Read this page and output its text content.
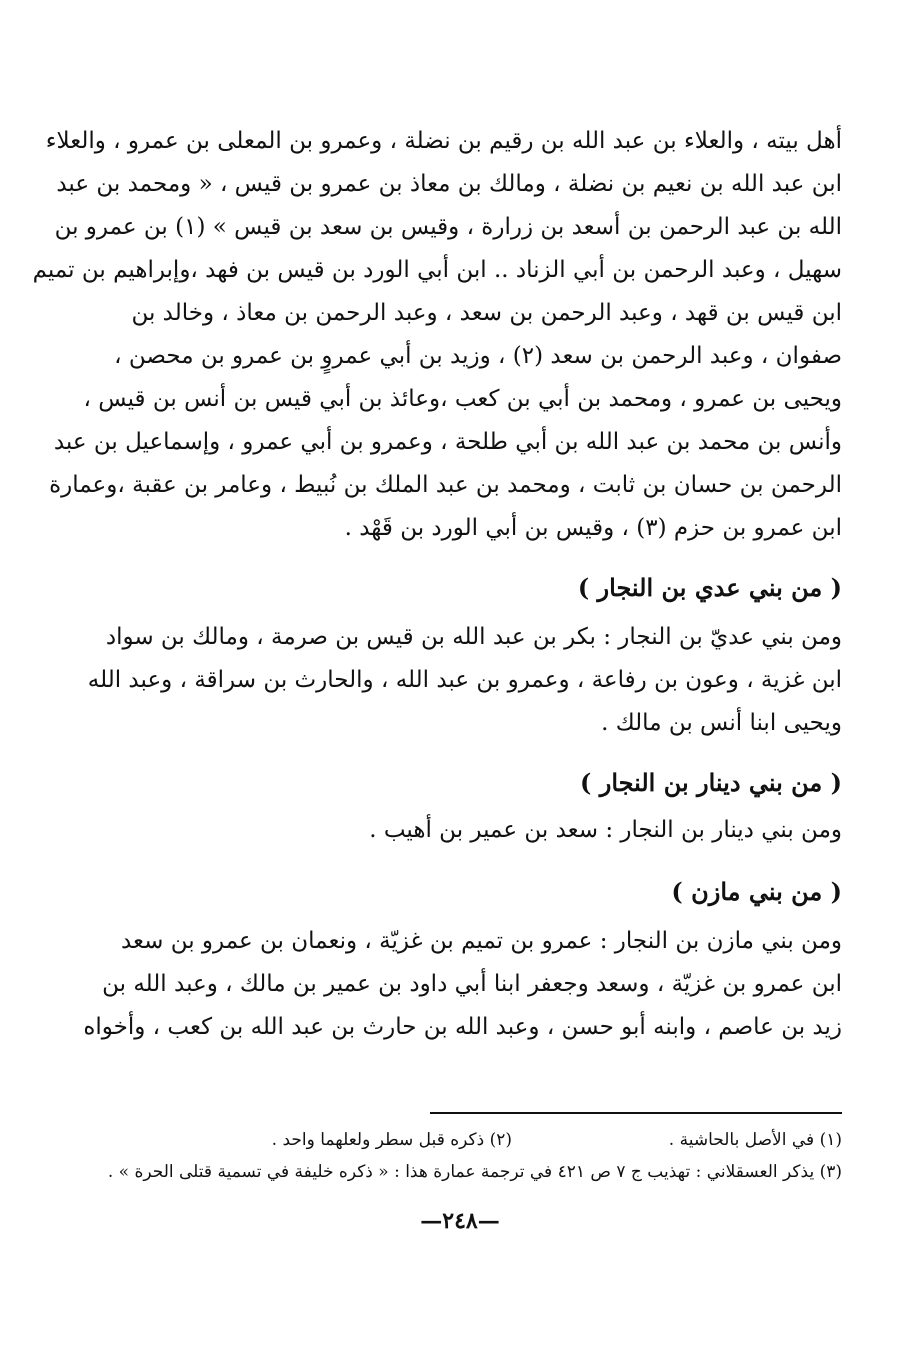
أهل بيته ، والعلاء بن عبد الله بن رقيم بن نضلة ، وعمرو بن المعلى بن عمرو ، والعلاء
ابن عبد الله بن نعيم بن نضلة ، ومالك بن معاذ بن عمرو بن قيس ، « ومحمد بن عبد
الله بن عبد الرحمن بن أسعد بن زرارة ، وقيس بن سعد بن قيس » (١) بن عمرو بن
سهيل ، وعبد الرحمن بن أبي الزناد .. ابن أبي الورد بن قيس بن فهد ،وإبراهيم بن تميم
ابن قيس بن قهد ، وعبد الرحمن بن سعد ، وعبد الرحمن بن معاذ ، وخالد بن
صفوان ، وعبد الرحمن بن سعد (٢) ، وزيد بن أبي عمروٍ بن عمرو بن محصن ،
ويحيى بن عمرو ، ومحمد بن أبي بن كعب ،وعائذ بن أبي قيس بن أنس بن قيس ،
وأنس بن محمد بن عبد الله بن أبي طلحة ، وعمرو بن أبي عمرو ، وإسماعيل بن عبد
الرحمن بن حسان بن ثابت ، ومحمد بن عبد الملك بن نُبيط ، وعامر بن عقبة ،وعمارة
ابن عمرو بن حزم (٣) ، وقيس بن أبي الورد بن قَهْد .
( من بني عدي بن النجار )
ومن بني عديّ بن النجار : بكر بن عبد الله بن قيس بن صرمة ، ومالك بن سواد
ابن غزية ، وعون بن رفاعة ، وعمرو بن عبد الله ، والحارث بن سراقة ، وعبد الله
ويحيى ابنا أنس بن مالك .
( من بني دينار بن النجار )
ومن بني دينار بن النجار : سعد بن عمير بن أهيب .
( من بني مازن )
ومن بني مازن بن النجار : عمرو بن تميم بن غزيّة ، ونعمان بن عمرو بن سعد
ابن عمرو بن غزيّة ، وسعد وجعفر ابنا أبي داود بن عمير بن مالك ، وعبد الله بن
زيد بن عاصم ، وابنه أبو حسن ، وعبد الله بن حارث بن عبد الله بن كعب ، وأخواه
(١) في الأصل بالحاشية .
(٢) ذكره قبل سطر ولعلهما واحد .
(٣) يذكر العسقلاني : تهذيب ج ٧ ص ٤٢١ في ترجمة عمارة هذا : « ذكره خليفة في تسمية قتلى الحرة » .
—٢٤٨—
